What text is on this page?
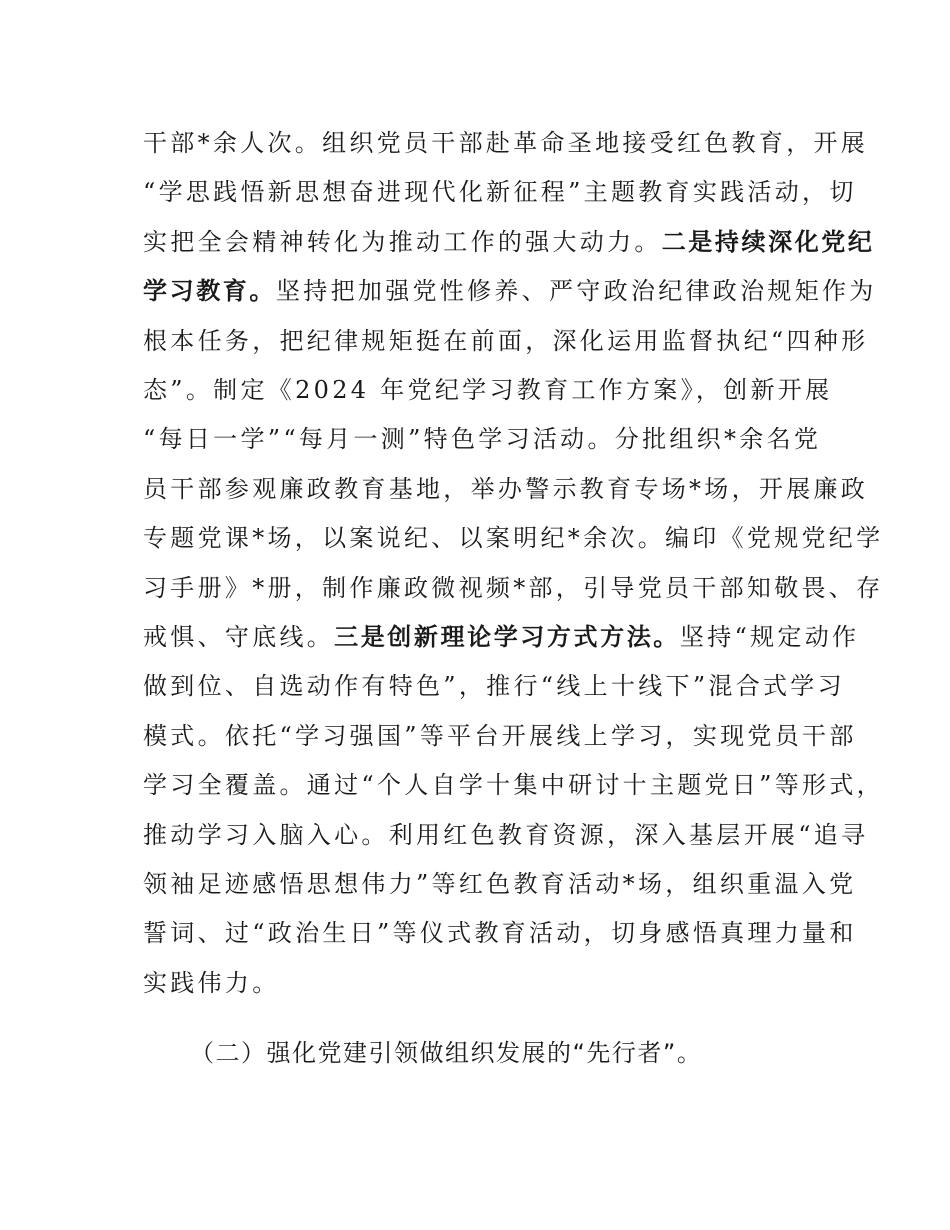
干部*余人次。组织党员干部赴革命圣地接受红色教育，开展
“学思践悟新思想奋进现代化新征程”主题教育实践活动，切
实把全会精神转化为推动工作的强大动力。二是持续深化党纪
学习教育。坚持把加强党性修养、严守政治纪律政治规矩作为
根本任务，把纪律规矩挺在前面，深化运用监督执纪“四种形
态”。制定《2024 年党纪学习教育工作方案》，创新开展
“每日一学”“每月一测”特色学习活动。分批组织*余名党
员干部参观廉政教育基地，举办警示教育专场*场，开展廉政
专题党课*场，以案说纪、以案明纪*余次。编印《党规党纪学
习手册》*册，制作廉政微视频*部，引导党员干部知敬畏、存
戒惧、守底线。三是创新理论学习方式方法。坚持“规定动作
做到位、自选动作有特色”，推行“线上十线下”混合式学习
模式。依托“学习强国”等平台开展线上学习，实现党员干部
学习全覆盖。通过“个人自学十集中研讨十主题党日”等形式，
推动学习入脑入心。利用红色教育资源，深入基层开展“追寻
领袖足迹感悟思想伟力”等红色教育活动*场，组织重温入党
誓词、过“政治生日”等仪式教育活动，切身感悟真理力量和
实践伟力。
（二）强化党建引领做组织发展的“先行者”。
